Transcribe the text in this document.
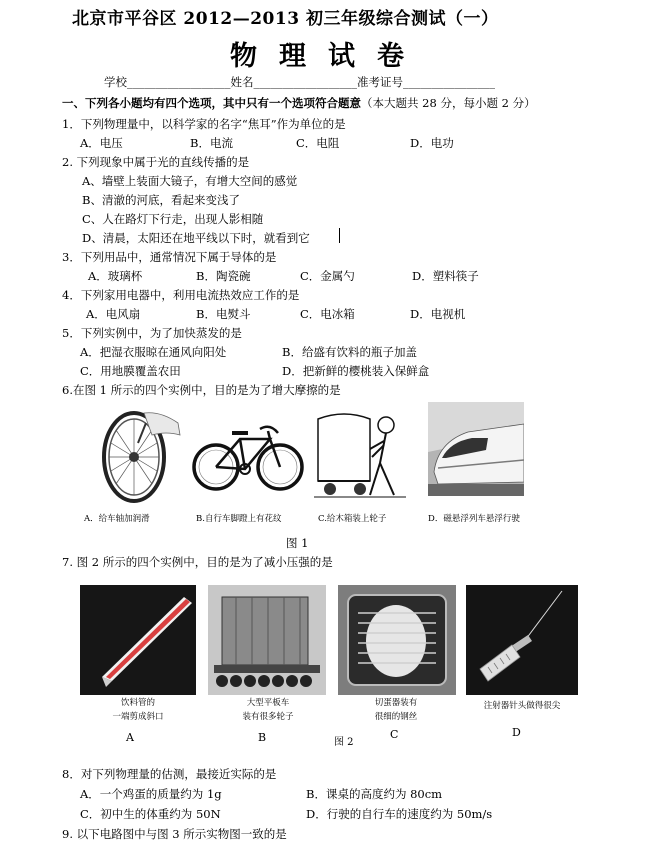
北京市平谷区 2012—2013 初三年级综合测试（一）
物理试卷
学校__________________姓名__________________准考证号________________
一、下列各小题均有四个选项，其中只有一个选项符合题意（本大题共 28 分，每小题 2 分）
1．下列物理量中，以科学家的名字“焦耳”作为单位的是
A．电压	B．电流	C．电阻	D．电功
2. 下列现象中属于光的直线传播的是
A、墙壁上装面大镜子，有增大空间的感觉
B、清澈的河底，看起来变浅了
C、人在路灯下行走，出现人影相随
D、清晨，太阳还在地平线以下时，就看到它
3．下列用品中，通常情况下属于导体的是
A．玻璃杯	B．陶瓷碗	C．金属勺	D．塑料筷子
4．下列家用电器中，利用电流热效应工作的是
A．电风扇	B．电熨斗	C．电冰箱	D．电视机
5．下列实例中，为了加快蒸发的是
A．把湿衣服晾在通风向阳处	B．给盛有饮料的瓶子加盖
C．用地膜覆盖农田	D．把新鲜的樱桃装入保鲜盒
6.在图 1 所示的四个实例中，目的是为了增大摩擦的是
A．给车轴加润滑	B.自行车脚蹬上有花纹	C.给木箱装上轮子	D．磁悬浮列车悬浮行驶
图 1
7. 图 2 所示的四个实例中，目的是为了减小压强的是
饮料管的
一端剪成斜口
大型平板车
装有很多轮子
切蛋器装有
很细的钢丝
注射器针头做得很尖
A	B	C	D
图 2
8．对下列物理量的估测，最接近实际的是
A．一个鸡蛋的质量约为 1g	B．课桌的高度约为 80cm
C．初中生的体重约为 50N	D．行驶的自行车的速度约为 50m/s
9. 以下电路图中与图 3 所示实物图一致的是
